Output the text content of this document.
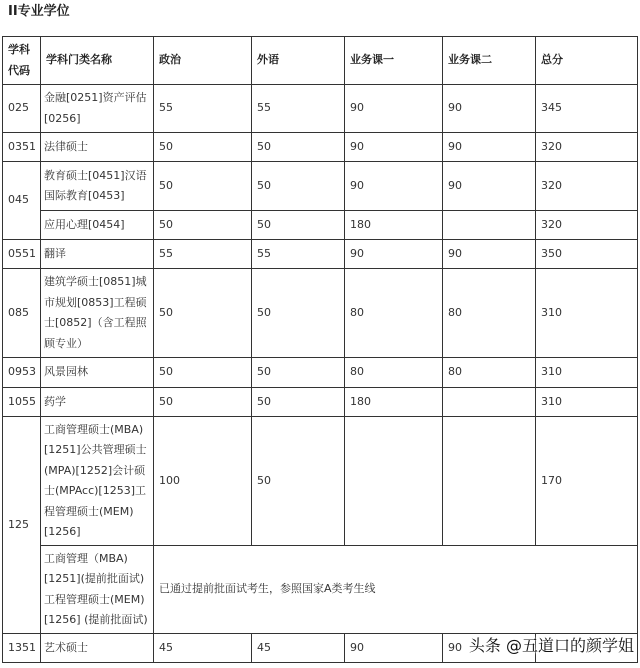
II专业学位
学科代码	学科门类名称	政治	外语	业务课一	业务课二	总分
025	金融[0251]资产评估[0256]	55	55	90	90	345
0351	法律硕士	50	50	90	90	320
045	教育硕士[0451]汉语国际教育[0453]	50	50	90	90	320
	应用心理[0454]	50	50	180		320
0551	翻译	55	55	90	90	350
085	建筑学硕士[0851]城市规划[0853]工程硕士[0852]（含工程照顾专业）	50	50	80	80	310
0953	风景园林	50	50	80	80	310
1055	药学	50	50	180		310
125	工商管理硕士(MBA)[1251]公共管理硕士(MPA)[1252]会计硕士(MPAcc)[1253]工程管理硕士(MEM)[1256]	100	50			170
	工商管理（MBA)[1251](提前批面试)工程管理硕士(MEM)[1256] (提前批面试)	已通过提前批面试考生，参照国家A类考生线				
1351	艺术硕士	45	45	90	90	头条 @五道口的颜学姐
